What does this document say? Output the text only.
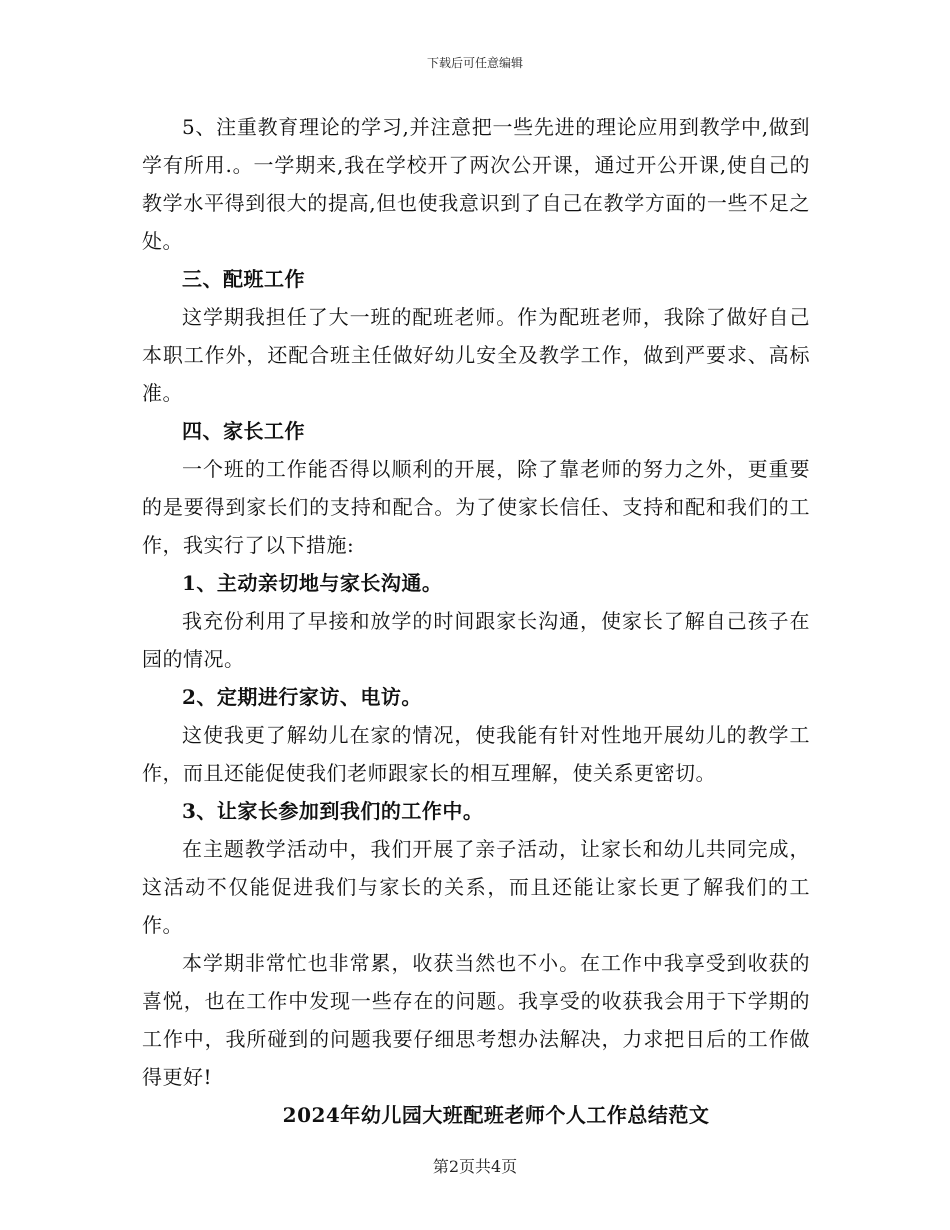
下载后可任意编辑

5、注重教育理论的学习,并注意把一些先进的理论应用到教学中,做到学有所用.。一学期来,我在学校开了两次公开课，通过开公开课,使自己的教学水平得到很大的提高,但也使我意识到了自己在教学方面的一些不足之处。

三、配班工作

这学期我担任了大一班的配班老师。作为配班老师，我除了做好自己本职工作外，还配合班主任做好幼儿安全及教学工作，做到严要求、高标准。

四、家长工作

一个班的工作能否得以顺利的开展，除了靠老师的努力之外，更重要的是要得到家长们的支持和配合。为了使家长信任、支持和配和我们的工作，我实行了以下措施:

1、主动亲切地与家长沟通。

我充份利用了早接和放学的时间跟家长沟通，使家长了解自己孩子在园的情况。

2、定期进行家访、电访。

这使我更了解幼儿在家的情况，使我能有针对性地开展幼儿的教学工作，而且还能促使我们老师跟家长的相互理解，使关系更密切。

3、让家长参加到我们的工作中。

在主题教学活动中，我们开展了亲子活动，让家长和幼儿共同完成，这活动不仅能促进我们与家长的关系，而且还能让家长更了解我们的工作。

本学期非常忙也非常累，收获当然也不小。在工作中我享受到收获的喜悦，也在工作中发现一些存在的问题。我享受的收获我会用于下学期的工作中，我所碰到的问题我要仔细思考想办法解决，力求把日后的工作做得更好!

2024年幼儿园大班配班老师个人工作总结范文

第2页共4页
